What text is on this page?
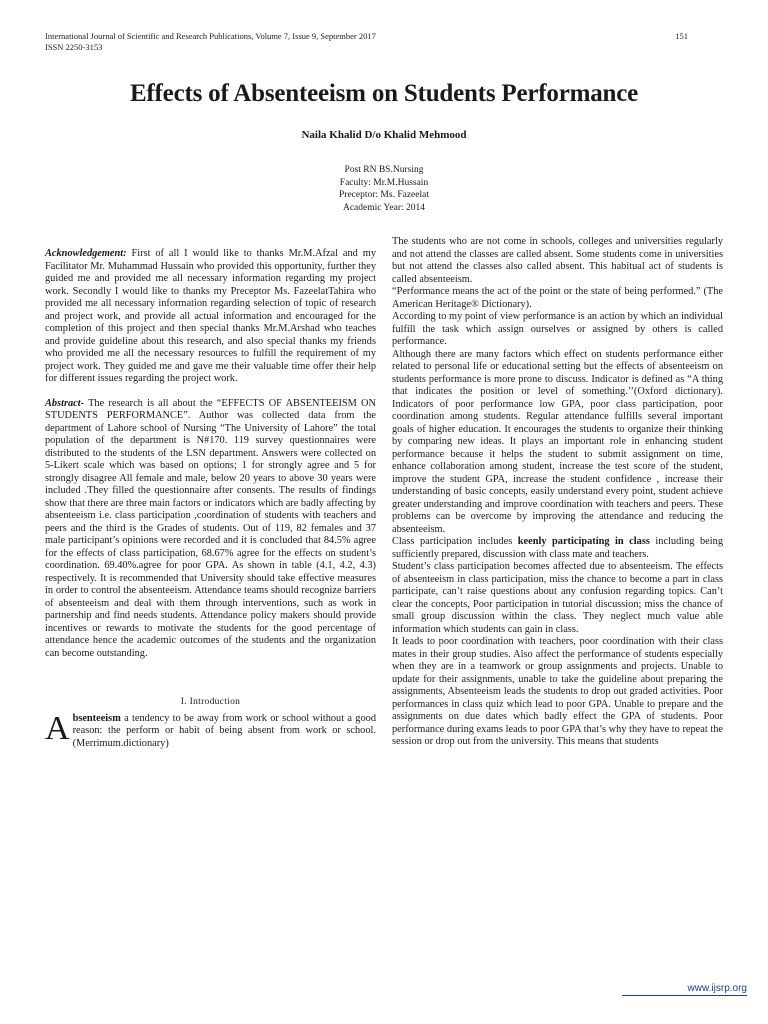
International Journal of Scientific and Research Publications, Volume 7, Issue 9, September 2017
ISSN 2250-3153
151
Effects of Absenteeism on Students Performance
Naila Khalid D/o Khalid Mehmood
Post RN BS.Nursing
Faculty: Mr.M.Hussain
Preceptor: Ms. Fazeelat
Academic Year: 2014

Acknowledgement: First of all I would like to thanks Mr.M.Afzal and my Facilitator Mr. Muhammad Hussain who provided this opportunity, further they guided me and provided me all necessary information regarding my project work. Secondly I would like to thanks my Preceptor Ms. FazeelatTahira who provided me all necessary information regarding selection of topic of research and project work, and provide all actual information and encouraged for the completion of this project and then special thanks Mr.M.Arshad who teaches and provide guideline about this research, and also special thanks my friends who provided me all the necessary resources to fulfill the requirement of my project work. They guided me and gave me their valuable time offer their help for different issues regarding the project work.

Abstract- The research is all about the “EFFECTS OF ABSENTEEISM ON STUDENTS PERFORMANCE”. Author was collected data from the department of Lahore school of Nursing “The University of Lahore” the total population of the department is N#170. 119 survey questionnaires were distributed to the students of the LSN department. Answers were collected on 5-Likert scale which was based on options; 1 for strongly agree and 5 for strongly disagree All female and male, below 20 years to above 30 years were included .They filled the questionnaire after consents. The results of findings show that there are three main factors or indicators which are badly affecting by absenteeism i.e. class participation ,coordination of students with teachers and peers and the third is the Grades of students. Out of 119, 82 females and 37 male participant’s opinions were recorded and it is concluded that 84.5% agree for the effects of class participation, 68.67% agree for the effects on student’s coordination. 69.40%.agree for poor GPA. As shown in table (4.1, 4.2, 4.3) respectively. It is recommended that University should take effective measures in order to control the absenteeism. Attendance teams should recognize barriers of absenteeism and deal with them through interventions, such as work in partnership and find needs students. Attendance policy makers should provide incentives or rewards to motivate the students for the good percentage of attendance hence the academic outcomes of the students and the organization can become outstanding.

I. Introduction

Absenteeism a tendency to be away from work or school without a good reason: the perform or habit of being absent from work or school. (Merrimum.dictionary)

The students who are not come in schools, colleges and universities regularly and not attend the classes are called absent. Some students come in universities but not attend the classes also called absent. This habitual act of students is called absenteeism.

“Performance means the act of the point or the state of being performed.” (The American Heritage® Dictionary).

According to my point of view performance is an action by which an individual fulfill the task which assign ourselves or assigned by others is called performance.

Although there are many factors which effect on students performance either related to personal life or educational setting but the effects of absenteeism on students performance is more prone to discuss. Indicator is defined as “A thing that indicates the position or level of something.’’(Oxford dictionary). Indicators of poor performance low GPA, poor class participation, poor coordination among students. Regular attendance fulfills several important goals of higher education. It encourages the students to organize their thinking by comparing new ideas. It plays an important role in enhancing student performance because it helps the student to submit assignment on time, enhance collaboration among student, increase the test score of the student, improve the student GPA, increase the student confidence , increase their understanding of basic concepts, easily understand every point, student achieve greater understanding and improve coordination with teachers and peers. These problems can be overcome by improving the attendance and reducing the absenteeism.

Class participation includes keenly participating in class including being sufficiently prepared, discussion with class mate and teachers.

Student’s class participation becomes affected due to absenteeism. The effects of absenteeism in class participation, miss the chance to become a part in class participate, can’t raise questions about any confusion regarding topics. Can’t clear the concepts, Poor participation in tutorial discussion; miss the chance of small group discussion within the class. They neglect much value able information which students can gain in class.

It leads to poor coordination with teachers, poor coordination with their class mates in their group studies. Also affect the performance of students especially when they are in a teamwork or group assignments and projects. Unable to update for their assignments, unable to take the guideline about preparing the assignments, Absenteeism leads the students to drop out graded activities. Poor performances in class quiz which lead to poor GPA. Unable to prepare and the assignments on due dates which badly effect the GPA of students. Poor performance during exams leads to poor GPA that’s why they have to repeat the session or drop out from the university. This means that students

www.ijsrp.org
